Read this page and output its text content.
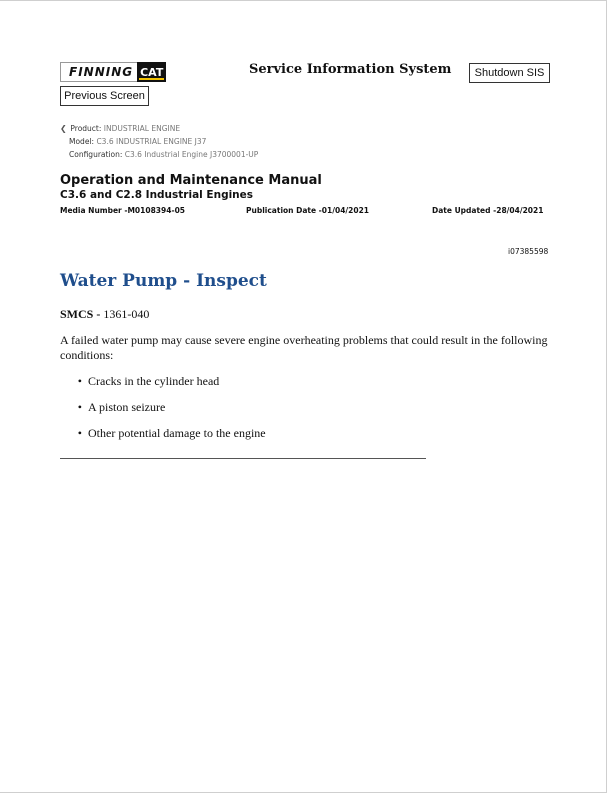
FINNING CAT	Service Information System	Shutdown SIS
Previous Screen
❮ Product: INDUSTRIAL ENGINE
Model: C3.6 INDUSTRIAL ENGINE J37
Configuration: C3.6 Industrial Engine J3700001-UP
Operation and Maintenance Manual
C3.6 and C2.8 Industrial Engines
Media Number -M0108394-05	Publication Date -01/04/2021	Date Updated -28/04/2021
i07385598
Water Pump - Inspect
SMCS - 1361-040
A failed water pump may cause severe engine overheating problems that could result in the following conditions:
• Cracks in the cylinder head
• A piston seizure
• Other potential damage to the engine
